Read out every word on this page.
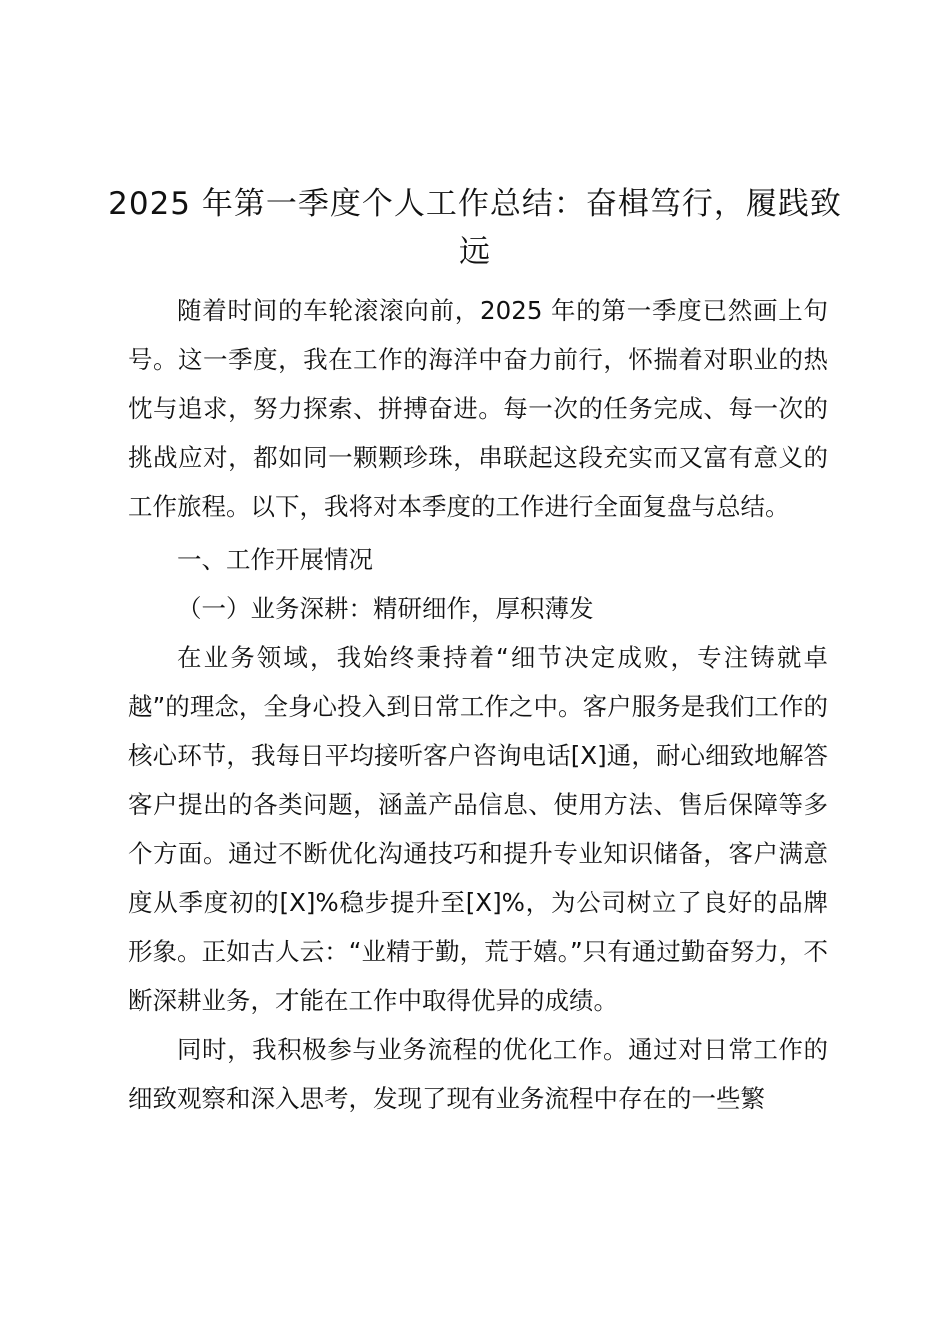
2025 年第一季度个人工作总结：奋楫笃行，履践致远

随着时间的车轮滚滚向前，2025 年的第一季度已然画上句号。这一季度，我在工作的海洋中奋力前行，怀揣着对职业的热忱与追求，努力探索、拼搏奋进。每一次的任务完成、每一次的挑战应对，都如同一颗颗珍珠，串联起这段充实而又富有意义的工作旅程。以下，我将对本季度的工作进行全面复盘与总结。

一、工作开展情况

（一）业务深耕：精研细作，厚积薄发

在业务领域，我始终秉持着“细节决定成败，专注铸就卓越”的理念，全身心投入到日常工作之中。客户服务是我们工作的核心环节，我每日平均接听客户咨询电话[X]通，耐心细致地解答客户提出的各类问题，涵盖产品信息、使用方法、售后保障等多个方面。通过不断优化沟通技巧和提升专业知识储备，客户满意度从季度初的[X]%稳步提升至[X]%，为公司树立了良好的品牌形象。正如古人云：“业精于勤，荒于嬉。”只有通过勤奋努力，不断深耕业务，才能在工作中取得优异的成绩。

同时，我积极参与业务流程的优化工作。通过对日常工作的细致观察和深入思考，发现了现有业务流程中存在的一些繁
